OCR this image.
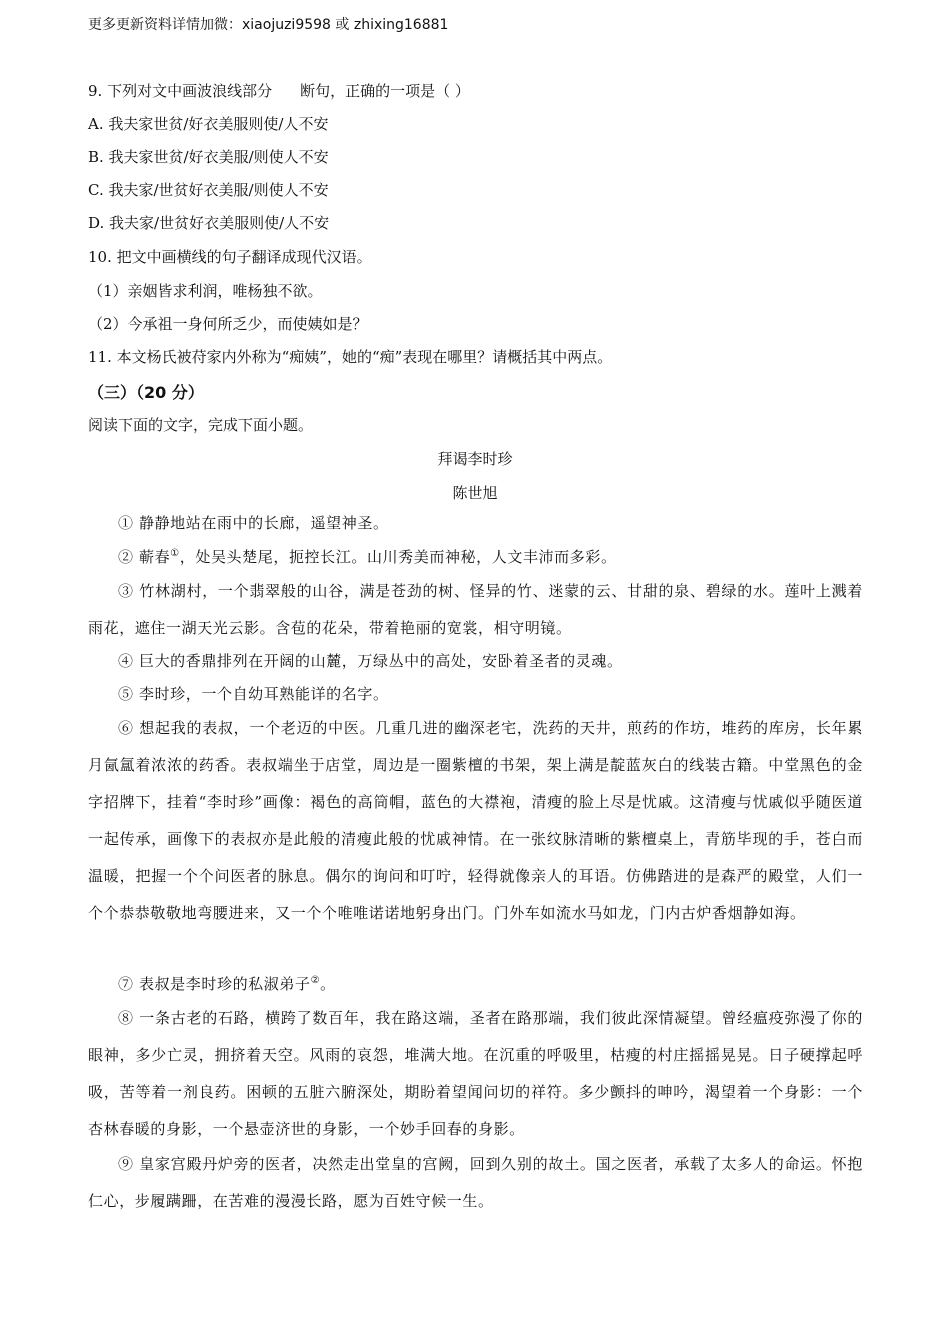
更多更新资料详情加微：xiaojuzi9598 或 zhixing16881
9. 下列对文中画波浪线部分 断句，正确的一项是（ ）
A. 我夫家世贫/好衣美服则使/人不安
B. 我夫家世贫/好衣美服/则使人不安
C. 我夫家/世贫好衣美服/则使人不安
D. 我夫家/世贫好衣美服则使/人不安
10. 把文中画横线的句子翻译成现代汉语。
（1）亲姻皆求利润，唯杨独不欲。
（2）今承祖一身何所乏少，而使姨如是？
11. 本文杨氏被苻家内外称为“痴姨”，她的“痴”表现在哪里？请概括其中两点。
（三）（20 分）
阅读下面的文字，完成下面小题。
拜谒李时珍
陈世旭
① 静静地站在雨中的长廊，遥望神圣。
② 蕲春①，处吴头楚尾，扼控长江。山川秀美而神秘，人文丰沛而多彩。
③ 竹林湖村，一个翡翠般的山谷，满是苍劲的树、怪异的竹、迷蒙的云、甘甜的泉、碧绿的水。莲叶上溅着雨花，遮住一湖天光云影。含苞的花朵，带着艳丽的宽裳，相守明镜。
④ 巨大的香鼎排列在开阔的山麓，万绿丛中的高处，安卧着圣者的灵魂。
⑤ 李时珍，一个自幼耳熟能详的名字。
⑥ 想起我的表叔，一个老迈的中医。几重几进的幽深老宅，洗药的天井，煎药的作坊，堆药的库房，长年累月氤氲着浓浓的药香。表叔端坐于店堂，周边是一圈紫檀的书架，架上满是靛蓝灰白的线装古籍。中堂黑色的金字招牌下，挂着“李时珍”画像：褐色的高筒帽，蓝色的大襟袍，清瘦的脸上尽是忧戚。这清瘦与忧戚似乎随医道一起传承，画像下的表叔亦是此般的清瘦此般的忧戚神情。在一张纹脉清晰的紫檀桌上，青筋毕现的手，苍白而温暖，把握一个个问医者的脉息。偶尔的询问和叮咛，轻得就像亲人的耳语。仿佛踏进的是森严的殿堂，人们一个个恭恭敬敬地弯腰进来，又一个个唯唯诺诺地躬身出门。门外车如流水马如龙，门内古炉香烟静如海。
⑦ 表叔是李时珍的私淑弟子②。
⑧ 一条古老的石路，横跨了数百年，我在路这端，圣者在路那端，我们彼此深情凝望。曾经瘟疫弥漫了你的眼神，多少亡灵，拥挤着天空。风雨的哀怨，堆满大地。在沉重的呼吸里，枯瘦的村庄摇摇晃晃。日子硬撑起呼吸，苦等着一剂良药。困顿的五脏六腑深处，期盼着望闻问切的祥符。多少颤抖的呻吟，渴望着一个身影：一个杏林春暖的身影，一个悬壶济世的身影，一个妙手回春的身影。
⑨ 皇家宫殿丹炉旁的医者，决然走出堂皇的宫阙，回到久别的故土。国之医者，承载了太多人的命运。怀抱仁心，步履蹒跚，在苦难的漫漫长路，愿为百姓守候一生。
